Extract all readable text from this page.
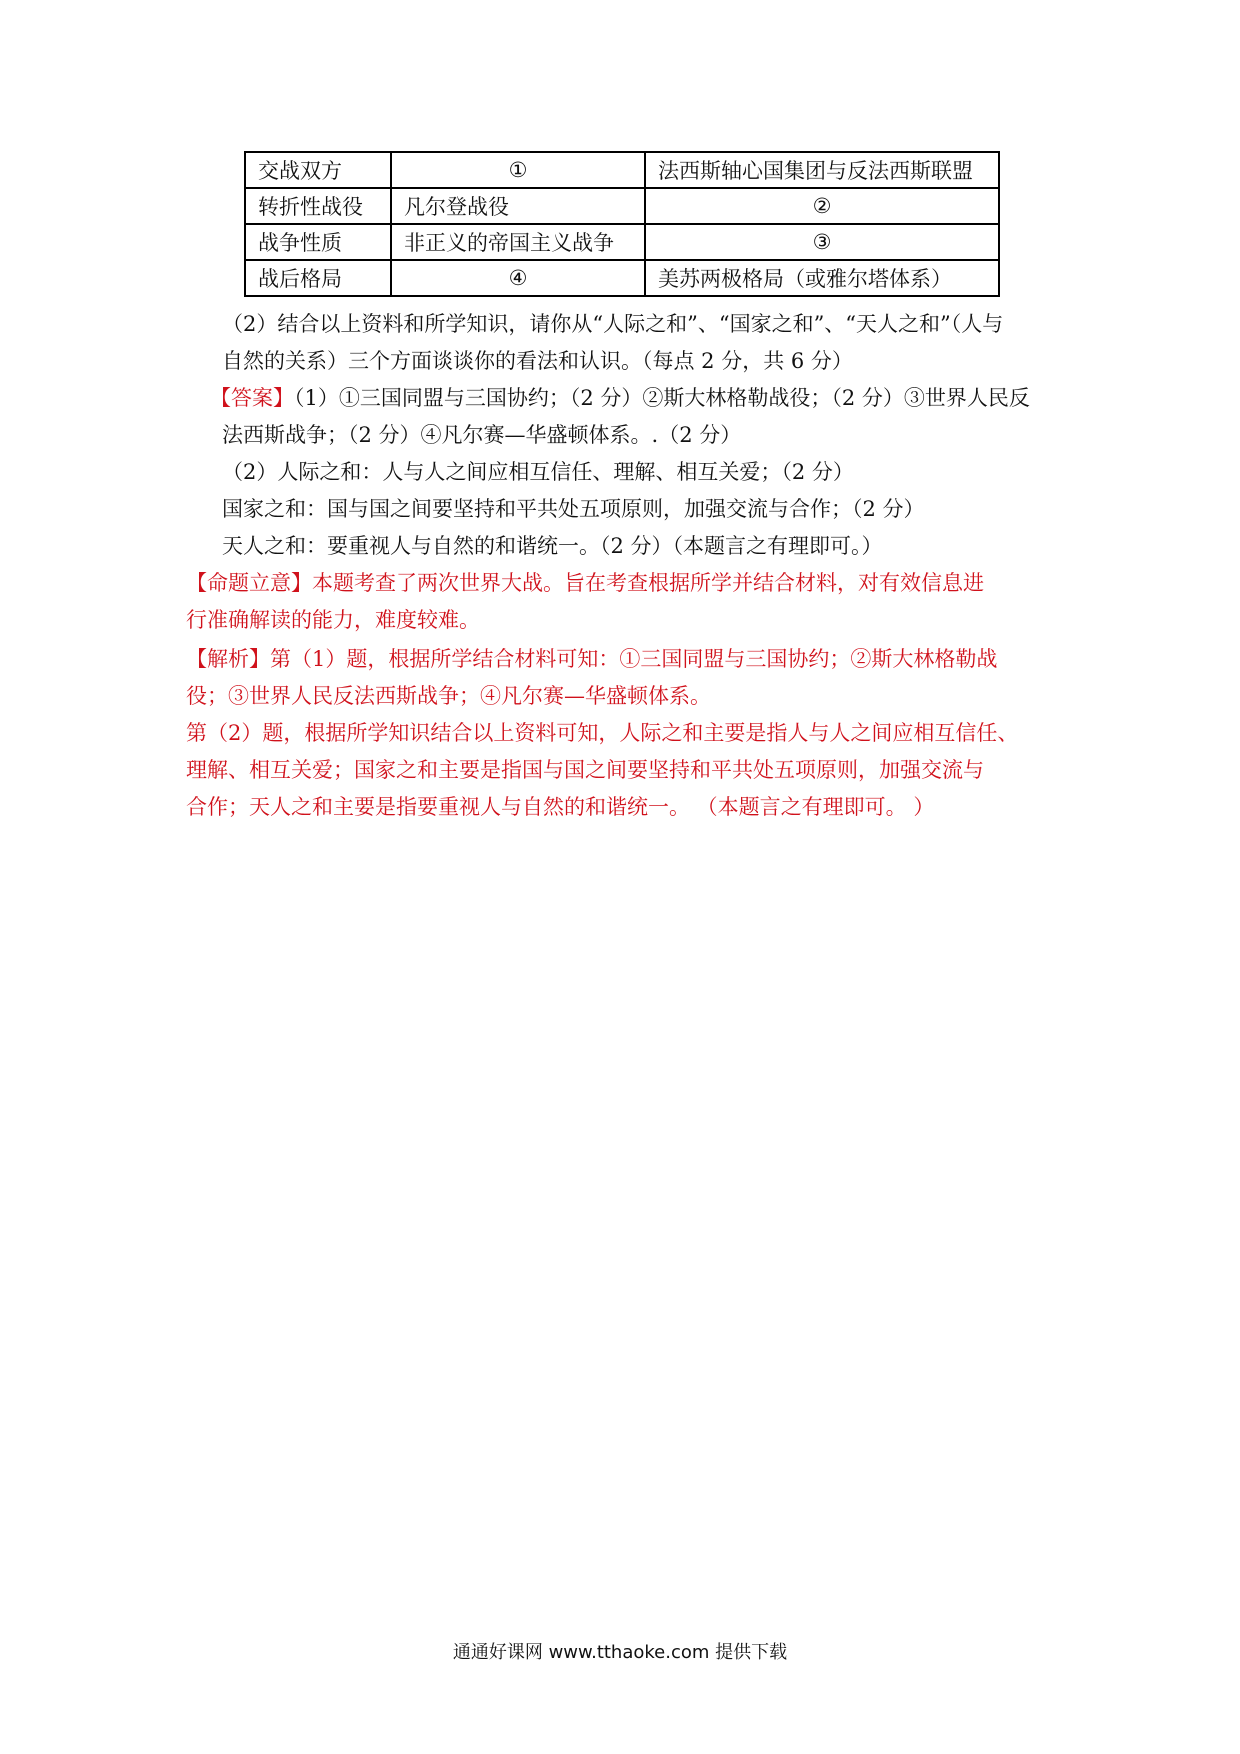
交战双方	①	法西斯轴心国集团与反法西斯联盟
转折性战役	凡尔登战役	②
战争性质	非正义的帝国主义战争	③
战后格局	④	美苏两极格局（或雅尔塔体系）
（2）结合以上资料和所学知识，请你从“人际之和”、“国家之和”、“天人之和”（人与
自然的关系）三个方面谈谈你的看法和认识。（每点 2 分，共 6 分）
【答案】（1）①三国同盟与三国协约；（2 分）②斯大林格勒战役；（2 分）③世界人民反
法西斯战争；（2 分）④凡尔赛—华盛顿体系。.（2 分）
（2）人际之和：人与人之间应相互信任、理解、相互关爱；（2 分）
国家之和：国与国之间要坚持和平共处五项原则，加强交流与合作；（2 分）
天人之和：要重视人与自然的和谐统一。（2 分）（本题言之有理即可。）
【命题立意】本题考查了两次世界大战。旨在考查根据所学并结合材料，对有效信息进
行准确解读的能力，难度较难。
【解析】第（1）题，根据所学结合材料可知：①三国同盟与三国协约；②斯大林格勒战
役；③世界人民反法西斯战争；④凡尔赛—华盛顿体系。
第（2）题，根据所学知识结合以上资料可知，人际之和主要是指人与人之间应相互信任、
理解、相互关爱；国家之和主要是指国与国之间要坚持和平共处五项原则，加强交流与
合作；天人之和主要是指要重视人与自然的和谐统一。 （本题言之有理即可。 ）
通通好课网 www.tthaoke.com 提供下载
